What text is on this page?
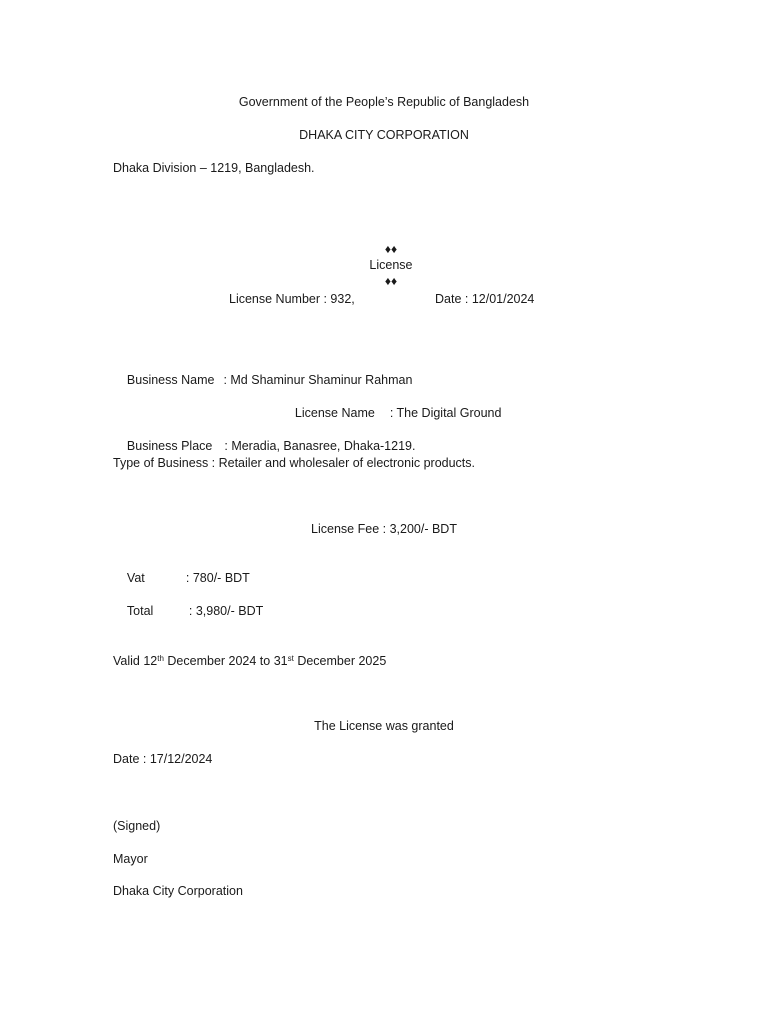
Government of the People’s Republic of Bangladesh
DHAKA CITY CORPORATION
Dhaka Division – 1219, Bangladesh.

♦♦
License
♦♦

License Number : 932,	Date : 12/01/2024

Business Name : Md Shaminur Shaminur Rahman

License Name : The Digital Ground

Business Place : Meradia, Banasree, Dhaka-1219.

Type of Business : Retailer and wholesaler of electronic products.
License Fee : 3,200/- BDT

Vat	: 780/- BDT

Total	: 3,980/- BDT

Valid 12th December 2024 to 31st December 2025
The License was granted
Date : 17/12/2024
(Signed)
Mayor
Dhaka City Corporation
